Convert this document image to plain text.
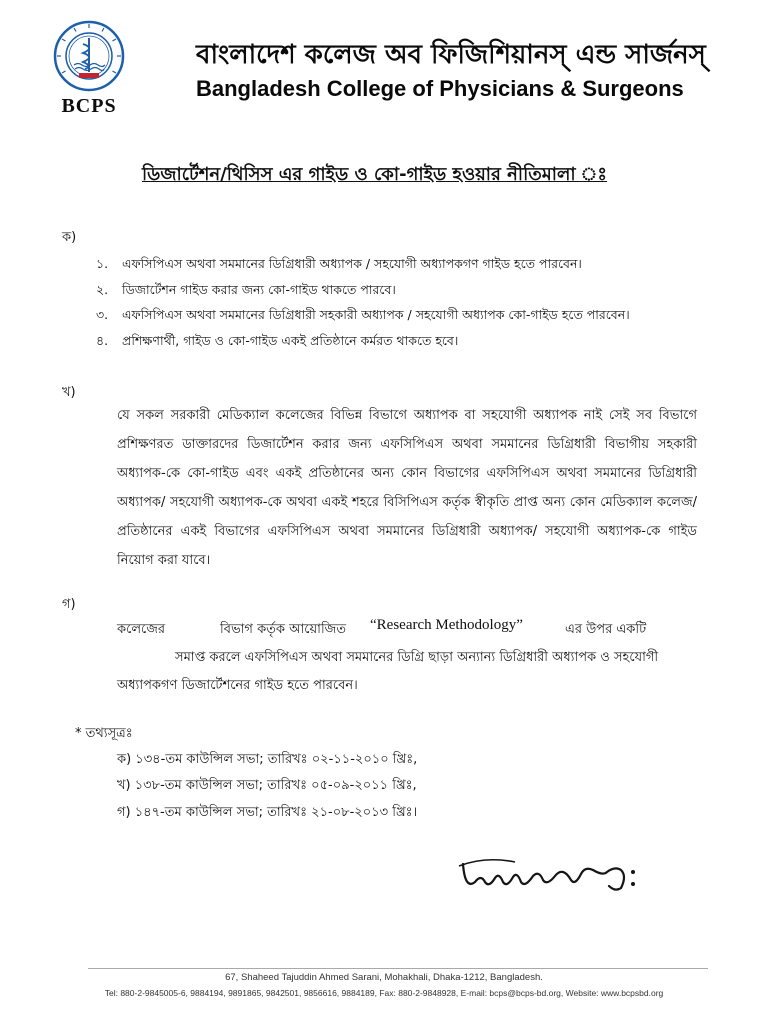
BCPS
বাংলাদেশ কলেজ অব ফিজিশিয়ানস্ এন্ড সার্জনস্
Bangladesh College of Physicians & Surgeons
ডিজার্টেশন/থিসিস এর গাইড ও কো-গাইড হওয়ার নীতিমালা ঃ
ক)
১. এফসিপিএস অথবা সমমানের ডিগ্রিধারী অধ্যাপক / সহযোগী অধ্যাপকগণ গাইড হতে পারবেন।
২. ডিজার্টেশন গাইড করার জন্য কো-গাইড থাকতে পারবে।
৩. এফসিপিএস অথবা সমমানের ডিগ্রিধারী সহকারী অধ্যাপক / সহযোগী অধ্যাপক কো-গাইড হতে পারবেন।
৪. প্রশিক্ষণার্থী, গাইড ও কো-গাইড একই প্রতিষ্ঠানে কর্মরত থাকতে হবে।
খ)
যে সকল সরকারী মেডিক্যাল কলেজের বিভিন্ন বিভাগে অধ্যাপক বা সহযোগী অধ্যাপক নাই সেই সব বিভাগে প্রশিক্ষণরত ডাক্তারদের ডিজার্টেশন করার জন্য এফসিপিএস অথবা সমমানের ডিগ্রিধারী বিভাগীয় সহকারী অধ্যাপক-কে কো-গাইড এবং একই প্রতিষ্ঠানের অন্য কোন বিভাগের এফসিপিএস অথবা সমমানের ডিগ্রিধারী অধ্যাপক/ সহযোগী অধ্যাপক-কে অথবা একই শহরে বিসিপিএস কর্তৃক স্বীকৃতি প্রাপ্ত অন্য কোন মেডিক্যাল কলেজ/প্রতিষ্ঠানের একই বিভাগের এফসিপিএস অথবা সমমানের ডিগ্রিধারী অধ্যাপক/ সহযোগী অধ্যাপক-কে গাইড নিয়োগ করা যাবে।
গ)
কলেজের	বিভাগ কর্তৃক আয়োজিত “Research Methodology”	এর উপর একটি
সমাপ্ত করলে এফসিপিএস অথবা সমমানের ডিগ্রি ছাড়া অন্যান্য ডিগ্রিধারী অধ্যাপক ও সহযোগী
অধ্যাপকগণ ডিজার্টেশনের গাইড হতে পারবেন।
* তথ্যসূত্রঃ
ক) ১৩৪-তম কাউন্সিল সভা; তারিখঃ ০২-১১-২০১০ খ্রিঃ,
খ) ১৩৮-তম কাউন্সিল সভা; তারিখঃ ০৫-০৯-২০১১ খ্রিঃ,
গ) ১৪৭-তম কাউন্সিল সভা; তারিখঃ ২১-০৮-২০১৩ খ্রিঃ।
67, Shaheed Tajuddin Ahmed Sarani, Mohakhali, Dhaka-1212, Bangladesh.
Tel: 880-2-9845005-6, 9884194, 9891865, 9842501, 9856616, 9884189, Fax: 880-2-9848928, E-mail: bcps@bcps-bd.org, Website: www.bcpsbd.org
